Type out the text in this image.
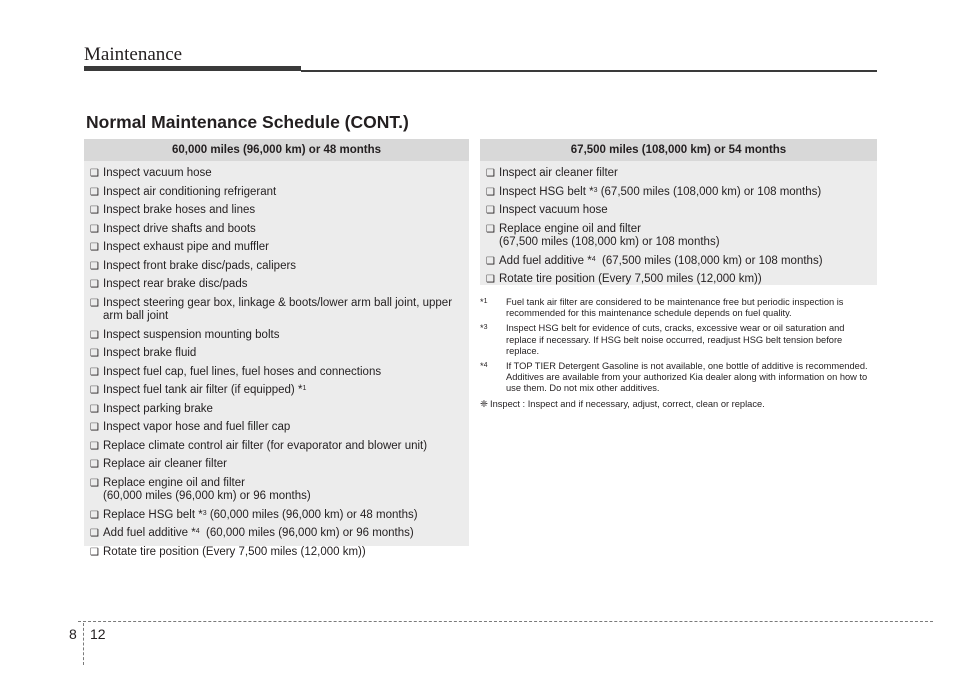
Maintenance
Normal Maintenance Schedule (CONT.)
60,000 miles (96,000 km) or 48 months
❑ Inspect vacuum hose
❑ Inspect air conditioning refrigerant
❑ Inspect brake hoses and lines
❑ Inspect drive shafts and boots
❑ Inspect exhaust pipe and muffler
❑ Inspect front brake disc/pads, calipers
❑ Inspect rear brake disc/pads
❑ Inspect steering gear box, linkage & boots/lower arm ball joint, upper arm ball joint
❑ Inspect suspension mounting bolts
❑ Inspect brake fluid
❑ Inspect fuel cap, fuel lines, fuel hoses and connections
❑ Inspect fuel tank air filter (if equipped) *$^1$
❑ Inspect parking brake
❑ Inspect vapor hose and fuel filler cap
❑ Replace climate control air filter (for evaporator and blower unit)
❑ Replace air cleaner filter
❑ Replace engine oil and filter
(60,000 miles (96,000 km) or 96 months)
❑ Replace HSG belt *$^3$ (60,000 miles (96,000 km) or 48 months)
❑ Add fuel additive *$^4$  (60,000 miles (96,000 km) or 96 months)
❑ Rotate tire position (Every 7,500 miles (12,000 km))
67,500 miles (108,000 km) or 54 months
❑ Inspect air cleaner filter
❑ Inspect HSG belt *$^3$ (67,500 miles (108,000 km) or 108 months)
❑ Inspect vacuum hose
❑ Replace engine oil and filter
(67,500 miles (108,000 km) or 108 months)
❑ Add fuel additive *$^4$  (67,500 miles (108,000 km) or 108 months)
❑ Rotate tire position (Every 7,500 miles (12,000 km))
*$^1$	Fuel tank air filter are considered to be maintenance free but periodic inspection is recommended for this maintenance schedule depends on fuel quality.
*$^3$	Inspect HSG belt for evidence of cuts, cracks, excessive wear or oil saturation and replace if necessary. If HSG belt noise occurred, readjust HSG belt tension before replace.
*$^4$	If TOP TIER Detergent Gasoline is not available, one bottle of additive is recommended. Additives are available from your authorized Kia dealer along with information on how to use them. Do not mix other additives.
❈ Inspect : Inspect and if necessary, adjust, correct, clean or replace.
8 12
